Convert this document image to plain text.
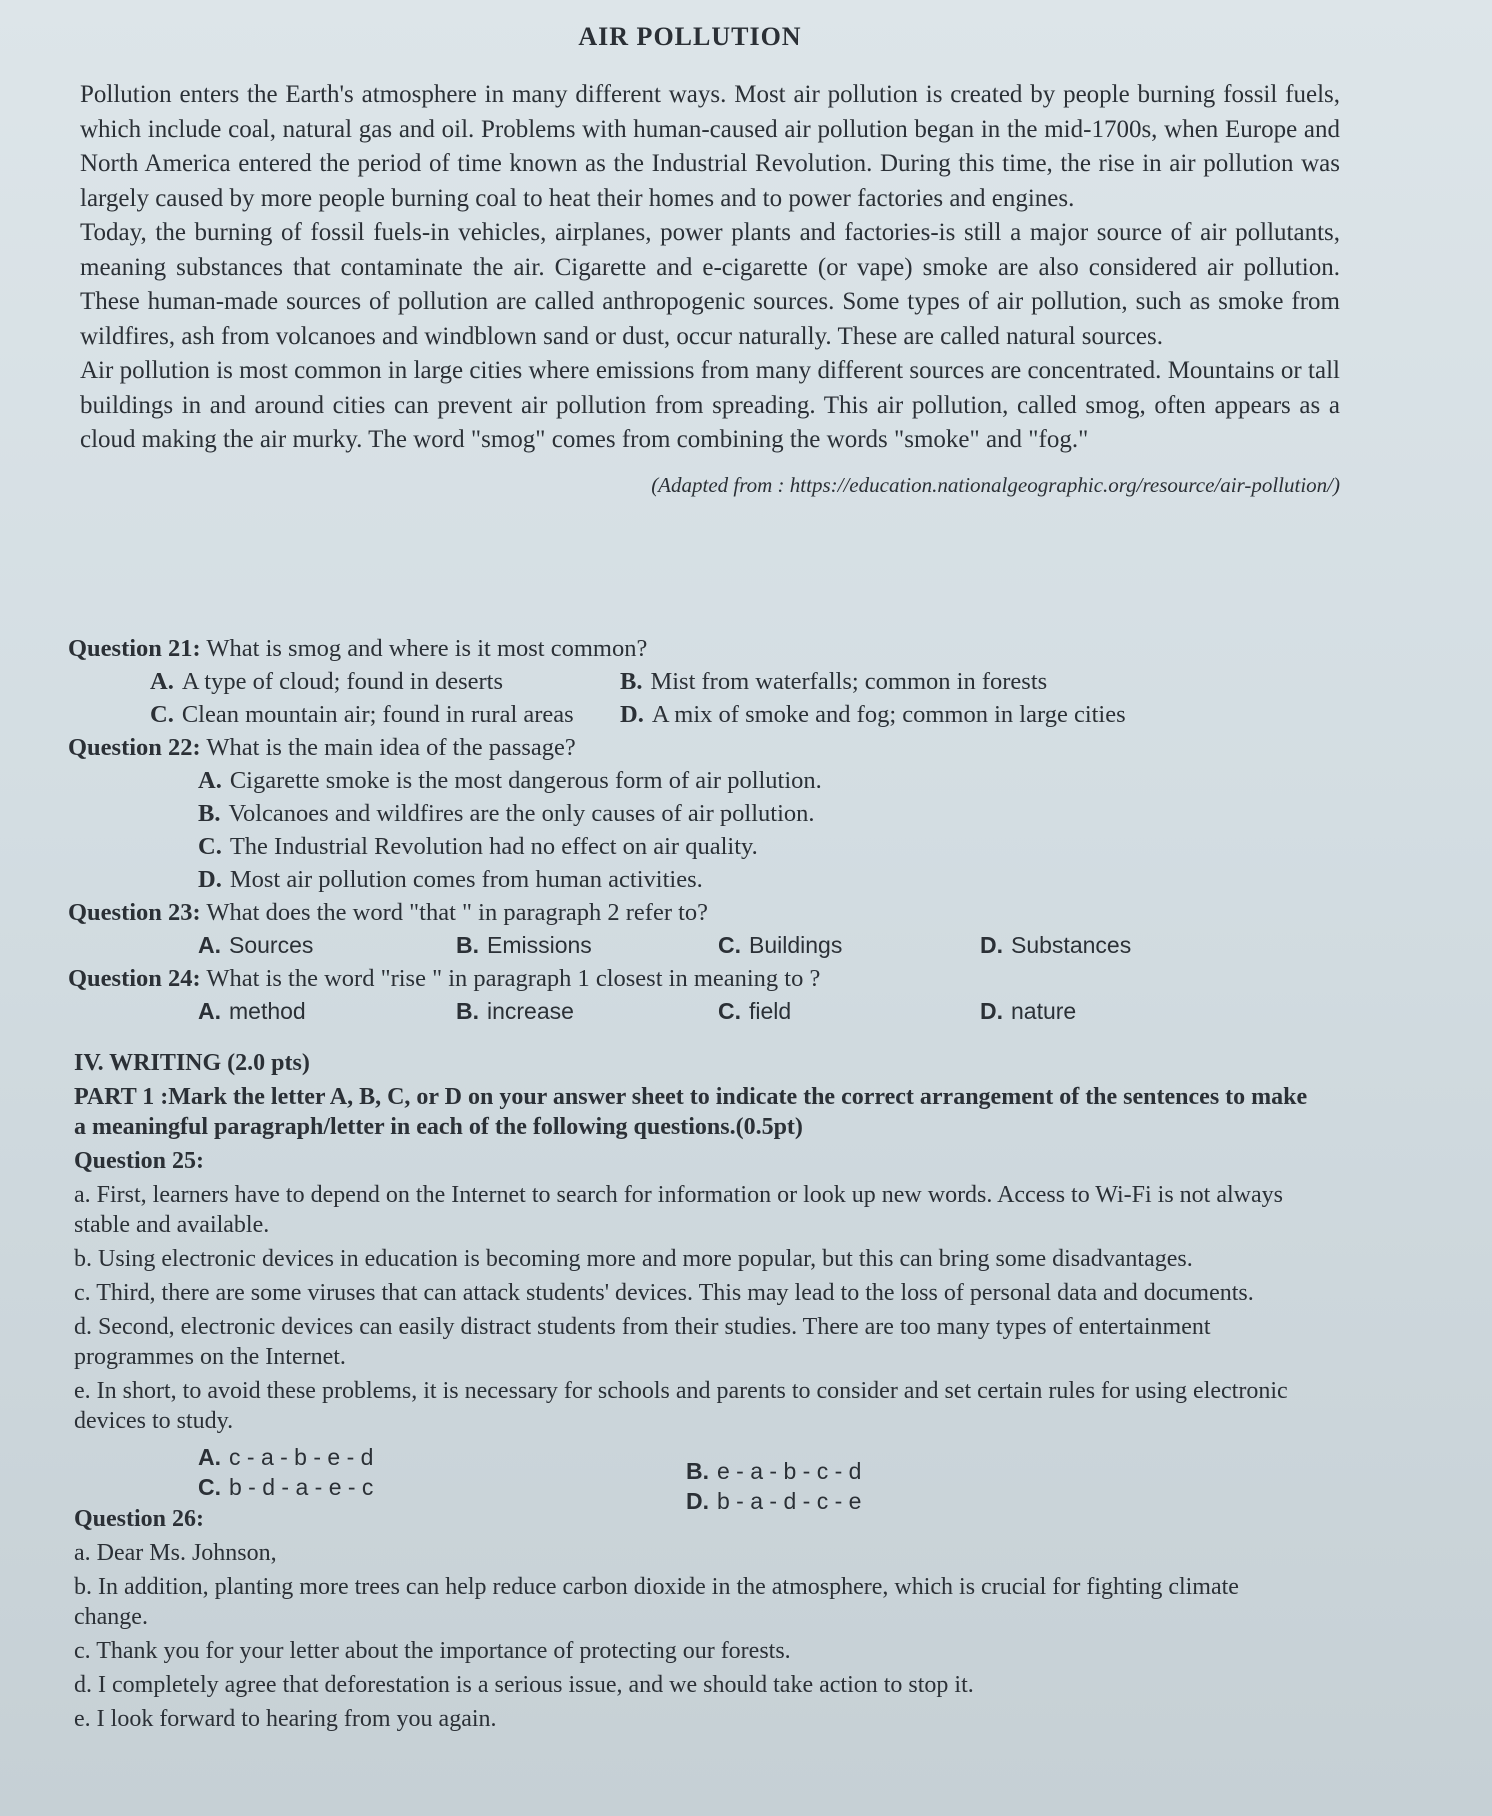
AIR POLLUTION

Pollution enters the Earth's atmosphere in many different ways. Most air pollution is created by people burning fossil fuels, which include coal, natural gas and oil. Problems with human-caused air pollution began in the mid-1700s, when Europe and North America entered the period of time known as the Industrial Revolution. During this time, the rise in air pollution was largely caused by more people burning coal to heat their homes and to power factories and engines.

Today, the burning of fossil fuels-in vehicles, airplanes, power plants and factories-is still a major source of air pollutants, meaning substances that contaminate the air. Cigarette and e-cigarette (or vape) smoke are also considered air pollution. These human-made sources of pollution are called anthropogenic sources. Some types of air pollution, such as smoke from wildfires, ash from volcanoes and windblown sand or dust, occur naturally. These are called natural sources.

Air pollution is most common in large cities where emissions from many different sources are concentrated. Mountains or tall buildings in and around cities can prevent air pollution from spreading. This air pollution, called smog, often appears as a cloud making the air murky. The word "smog" comes from combining the words "smoke" and "fog."

(Adapted from : https://education.nationalgeographic.org/resource/air-pollution/)
Question 21: What is smog and where is it most common?
A. A type of cloud; found in deserts	B. Mist from waterfalls; common in forests
C. Clean mountain air; found in rural areas D. A mix of smoke and fog; common in large cities
Question 22: What is the main idea of the passage?
A. Cigarette smoke is the most dangerous form of air pollution.
B. Volcanoes and wildfires are the only causes of air pollution.
C. The Industrial Revolution had no effect on air quality.
D. Most air pollution comes from human activities.
Question 23: What does the word "that " in paragraph 2 refer to?
A. Sources	B. Emissions	C. Buildings	D. Substances
Question 24: What is the word "rise " in paragraph 1 closest in meaning to ?
A. method	B. increase	C. field	D. nature
IV. WRITING (2.0 pts)
PART 1 :Mark the letter A, B, C, or D on your answer sheet to indicate the correct arrangement of the sentences to make a meaningful paragraph/letter in each of the following questions.(0.5pt)
Question 25:
a. First, learners have to depend on the Internet to search for information or look up new words. Access to Wi-Fi is not always stable and available.
b. Using electronic devices in education is becoming more and more popular, but this can bring some disadvantages.
c. Third, there are some viruses that can attack students' devices. This may lead to the loss of personal data and documents.
d. Second, electronic devices can easily distract students from their studies. There are too many types of entertainment programmes on the Internet.
e. In short, to avoid these problems, it is necessary for schools and parents to consider and set certain rules for using electronic devices to study.
A. c - a - b - e - d
B. e - a - b - c - d
C. b - d - a - e - c
D. b - a - d - c - e
Question 26:
a. Dear Ms. Johnson,
b. In addition, planting more trees can help reduce carbon dioxide in the atmosphere, which is crucial for fighting climate change.
c. Thank you for your letter about the importance of protecting our forests.
d. I completely agree that deforestation is a serious issue, and we should take action to stop it.
e. I look forward to hearing from you again.
